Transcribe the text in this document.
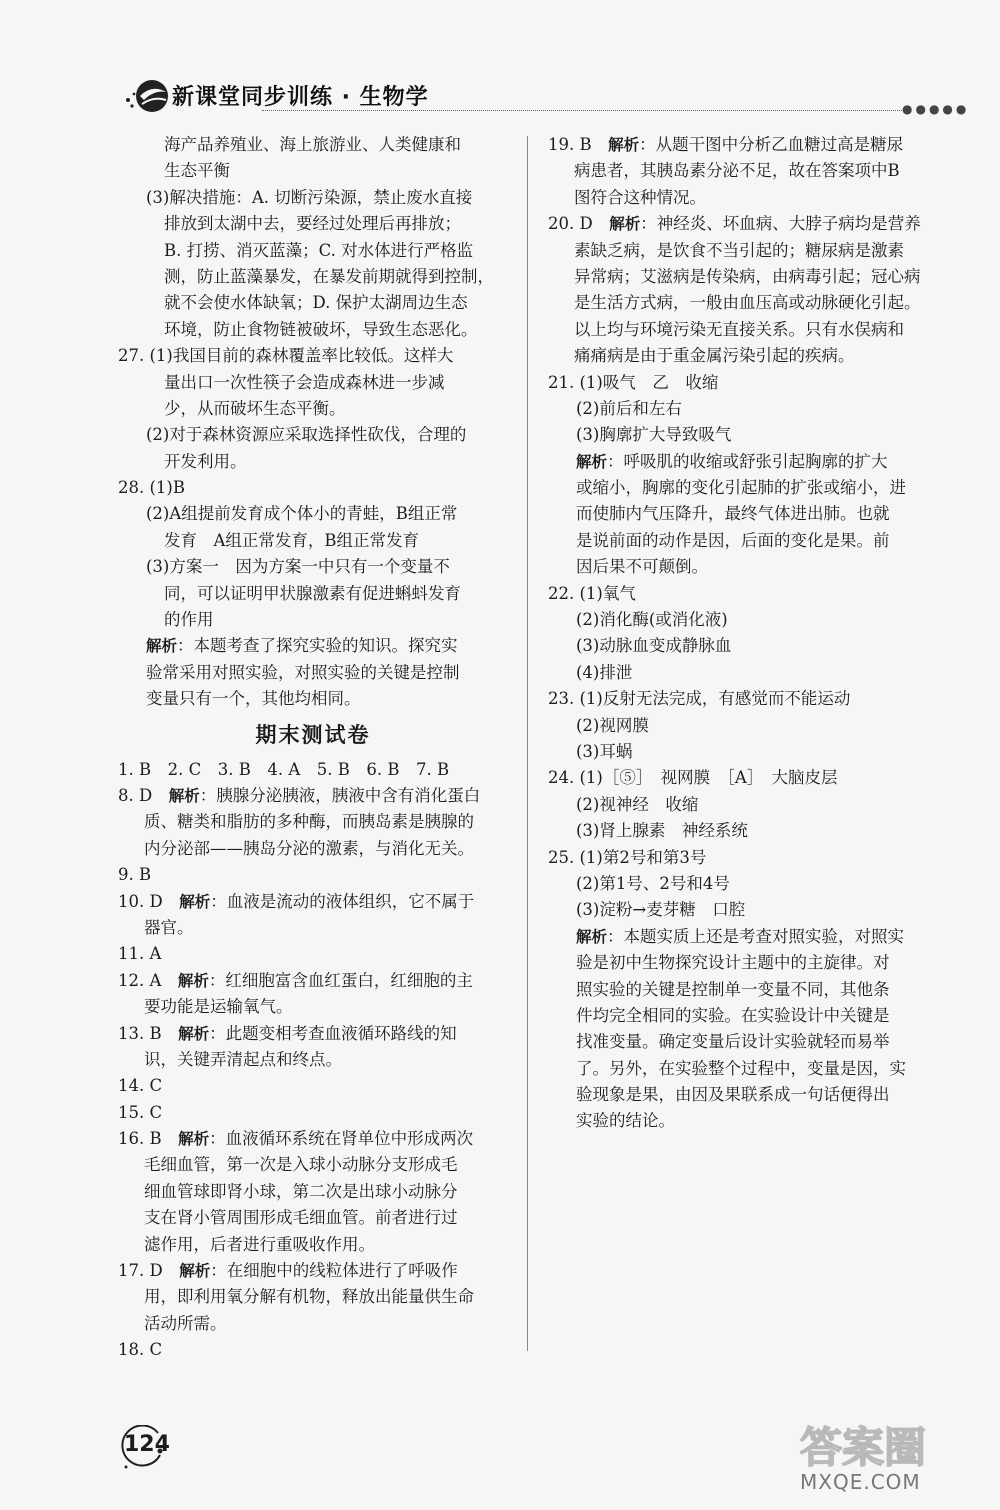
新课堂同步训练 · 生物学	●●●●●
海产品养殖业、海上旅游业、人类健康和
生态平衡
(3)解决措施：A. 切断污染源，禁止废水直接
排放到太湖中去，要经过处理后再排放；
B. 打捞、消灭蓝藻；C. 对水体进行严格监
测，防止蓝藻暴发，在暴发前期就得到控制，
就不会使水体缺氧；D. 保护太湖周边生态
环境，防止食物链被破坏，导致生态恶化。
27. (1)我国目前的森林覆盖率比较低。这样大
量出口一次性筷子会造成森林进一步减
少，从而破坏生态平衡。
(2)对于森林资源应采取选择性砍伐，合理的
开发利用。
28. (1)B
(2)A组提前发育成个体小的青蛙，B组正常
发育　A组正常发育，B组正常发育
(3)方案一　因为方案一中只有一个变量不
同，可以证明甲状腺激素有促进蝌蚪发育
的作用
解析：本题考查了探究实验的知识。探究实
验常采用对照实验，对照实验的关键是控制
变量只有一个，其他均相同。
期末测试卷
1. B　2. C　3. B　4. A　5. B　6. B　7. B
8. D　解析：胰腺分泌胰液，胰液中含有消化蛋白
质、糖类和脂肪的多种酶，而胰岛素是胰腺的
内分泌部——胰岛分泌的激素，与消化无关。
9. B
10. D　解析：血液是流动的液体组织，它不属于
器官。
11. A
12. A　解析：红细胞富含血红蛋白，红细胞的主
要功能是运输氧气。
13. B　解析：此题变相考查血液循环路线的知
识，关键弄清起点和终点。
14. C
15. C
16. B　解析：血液循环系统在肾单位中形成两次
毛细血管，第一次是入球小动脉分支形成毛
细血管球即肾小球，第二次是出球小动脉分
支在肾小管周围形成毛细血管。前者进行过
滤作用，后者进行重吸收作用。
17. D　解析：在细胞中的线粒体进行了呼吸作
用，即利用氧分解有机物，释放出能量供生命
活动所需。
18. C
19. B　解析：从题干图中分析乙血糖过高是糖尿
病患者，其胰岛素分泌不足，故在答案项中B
图符合这种情况。
20. D　解析：神经炎、坏血病、大脖子病均是营养
素缺乏病，是饮食不当引起的；糖尿病是激素
异常病；艾滋病是传染病，由病毒引起；冠心病
是生活方式病，一般由血压高或动脉硬化引起。
以上均与环境污染无直接关系。只有水俣病和
痛痛病是由于重金属污染引起的疾病。
21. (1)吸气　乙　收缩
(2)前后和左右
(3)胸廓扩大导致吸气
解析：呼吸肌的收缩或舒张引起胸廓的扩大
或缩小，胸廓的变化引起肺的扩张或缩小，进
而使肺内气压降升，最终气体进出肺。也就
是说前面的动作是因，后面的变化是果。前
因后果不可颠倒。
22. (1)氧气
(2)消化酶(或消化液)
(3)动脉血变成静脉血
(4)排泄
23. (1)反射无法完成，有感觉而不能运动
(2)视网膜
(3)耳蜗
24. (1)［⑤］　视网膜　［A］　大脑皮层
(2)视神经　收缩
(3)肾上腺素　神经系统
25. (1)第2号和第3号
(2)第1号、2号和4号
(3)淀粉→麦芽糖　口腔
解析：本题实质上还是考查对照实验，对照实
验是初中生物探究设计主题中的主旋律。对
照实验的关键是控制单一变量不同，其他条
件均完全相同的实验。在实验设计中关键是
找准变量。确定变量后设计实验就轻而易举
了。另外，在实验整个过程中，变量是因，实
验现象是果，由因及果联系成一句话便得出
实验的结论。
124	答案圈
MXQE.COM
